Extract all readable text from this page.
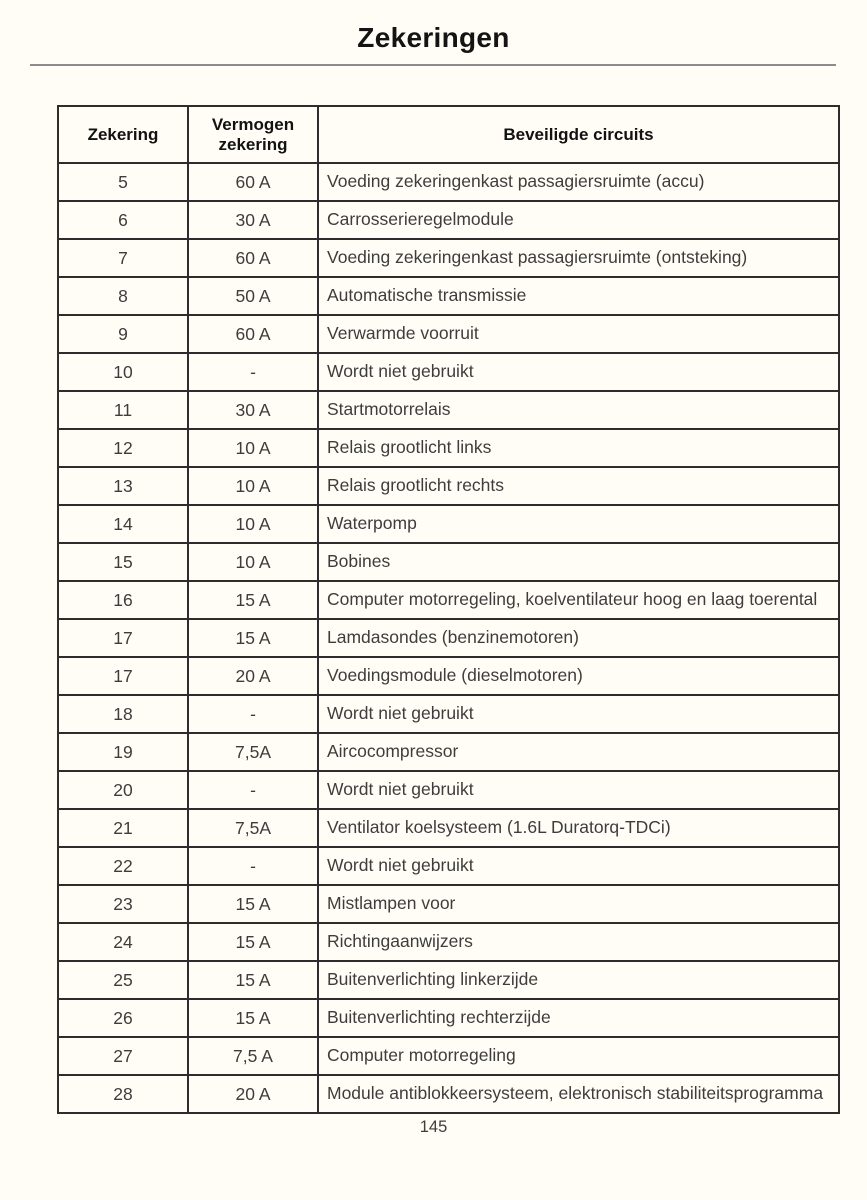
Zekeringen
Zekering	Vermogen zekering	Beveiligde circuits
5	60 A	Voeding zekeringenkast passagiersruimte (accu)
6	30 A	Carrosserieregelmodule
7	60 A	Voeding zekeringenkast passagiersruimte (ontsteking)
8	50 A	Automatische transmissie
9	60 A	Verwarmde voorruit
10	-	Wordt niet gebruikt
11	30 A	Startmotorrelais
12	10 A	Relais grootlicht links
13	10 A	Relais grootlicht rechts
14	10 A	Waterpomp
15	10 A	Bobines
16	15 A	Computer motorregeling, koelventilateur hoog en laag toerental
17	15 A	Lamdasondes (benzinemotoren)
17	20 A	Voedingsmodule (dieselmotoren)
18	-	Wordt niet gebruikt
19	7,5A	Aircocompressor
20	-	Wordt niet gebruikt
21	7,5A	Ventilator koelsysteem (1.6L Duratorq-TDCi)
22	-	Wordt niet gebruikt
23	15 A	Mistlampen voor
24	15 A	Richtingaanwijzers
25	15 A	Buitenverlichting linkerzijde
26	15 A	Buitenverlichting rechterzijde
27	7,5 A	Computer motorregeling
28	20 A	Module antiblokkeersysteem, elektronisch stabiliteitsprogramma
145
